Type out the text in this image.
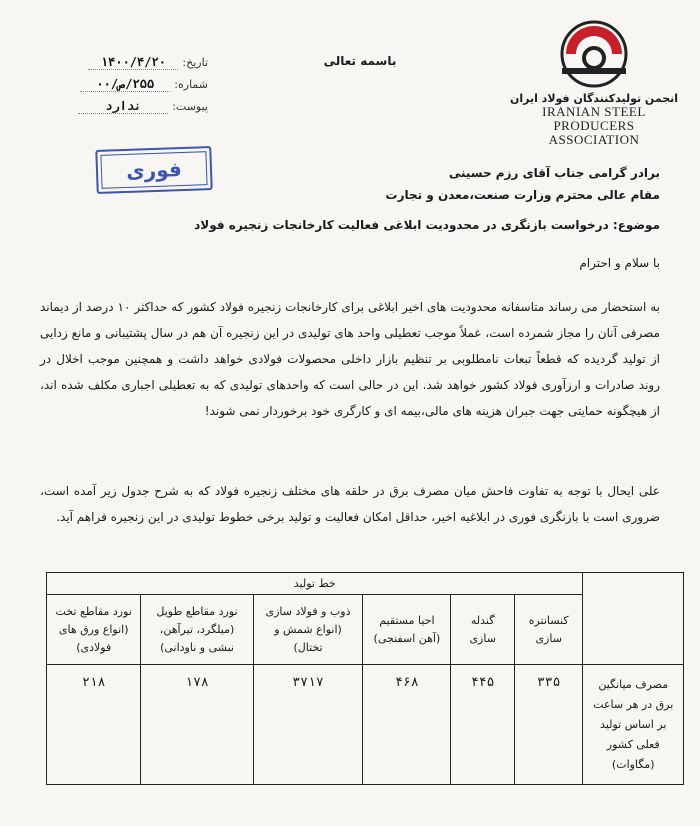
انجمن تولیدکنندگان فولاد ایران
IRANIAN STEEL
PRODUCERS ASSOCIATION
باسمه تعالی
تاریخ:
۱۴۰۰/۴/۲۰
شماره:
۲۵۵/ص/۰۰
پیوست:
ندارد
فوری	برادر گرامی جناب آقای رزم حسینی
مقام عالی محترم وزارت صنعت،معدن و تجارت
موضوع: درخواست بازنگری در محدودیت ابلاغی فعالیت کارخانجات زنجیره فولاد
با سلام و احترام
به استحضار می رساند متاسفانه محدودیت های اخیر ابلاغی برای کارخانجات زنجیره فولاد کشور که حداکثر ۱۰ درصد از دیماند مصرفی آنان را مجاز شمرده است، عملاً موجب تعطیلی واحد های تولیدی در این زنجیره آن هم در سال پشتیبانی و مانع زدایی از تولید گردیده که قطعاً تبعات نامطلوبی بر تنظیم بازار داخلی محصولات فولادی خواهد داشت و همچنین موجب اخلال در روند صادرات و ارزآوری فولاد کشور خواهد شد. این در حالی است که واحدهای تولیدی که به تعطیلی اجباری مکلف شده اند، از هیچگونه حمایتی جهت جبران هزینه های مالی،بیمه ای و کارگری خود برخوردار نمی شوند!
علی ایحال با توجه به تفاوت فاحش میان مصرف برق در حلقه های مختلف زنجیره فولاد که به شرح جدول زیر آمده است، ضروری است با بازنگری فوری در ابلاغیه اخیر، حداقل امکان فعالیت و تولید برخی خطوط تولیدی در این زنجیره فراهم آید.
	خط تولید					
	کنسانتره سازی	گندله سازی	احیا مستقیم (آهن اسفنجی)	ذوب و فولاد سازی (انواع شمش و تختال)	نورد مقاطع طویل (میلگرد، تیرآهن، نبشی و ناودانی)	نورد مقاطع تخت (انواع ورق های فولادی)
مصرف میانگین برق در هر ساعت بر اساس تولید فعلی کشور (مگاوات)	۳۳۵	۴۴۵	۴۶۸	۳۷۱۷	۱۷۸	۲۱۸
